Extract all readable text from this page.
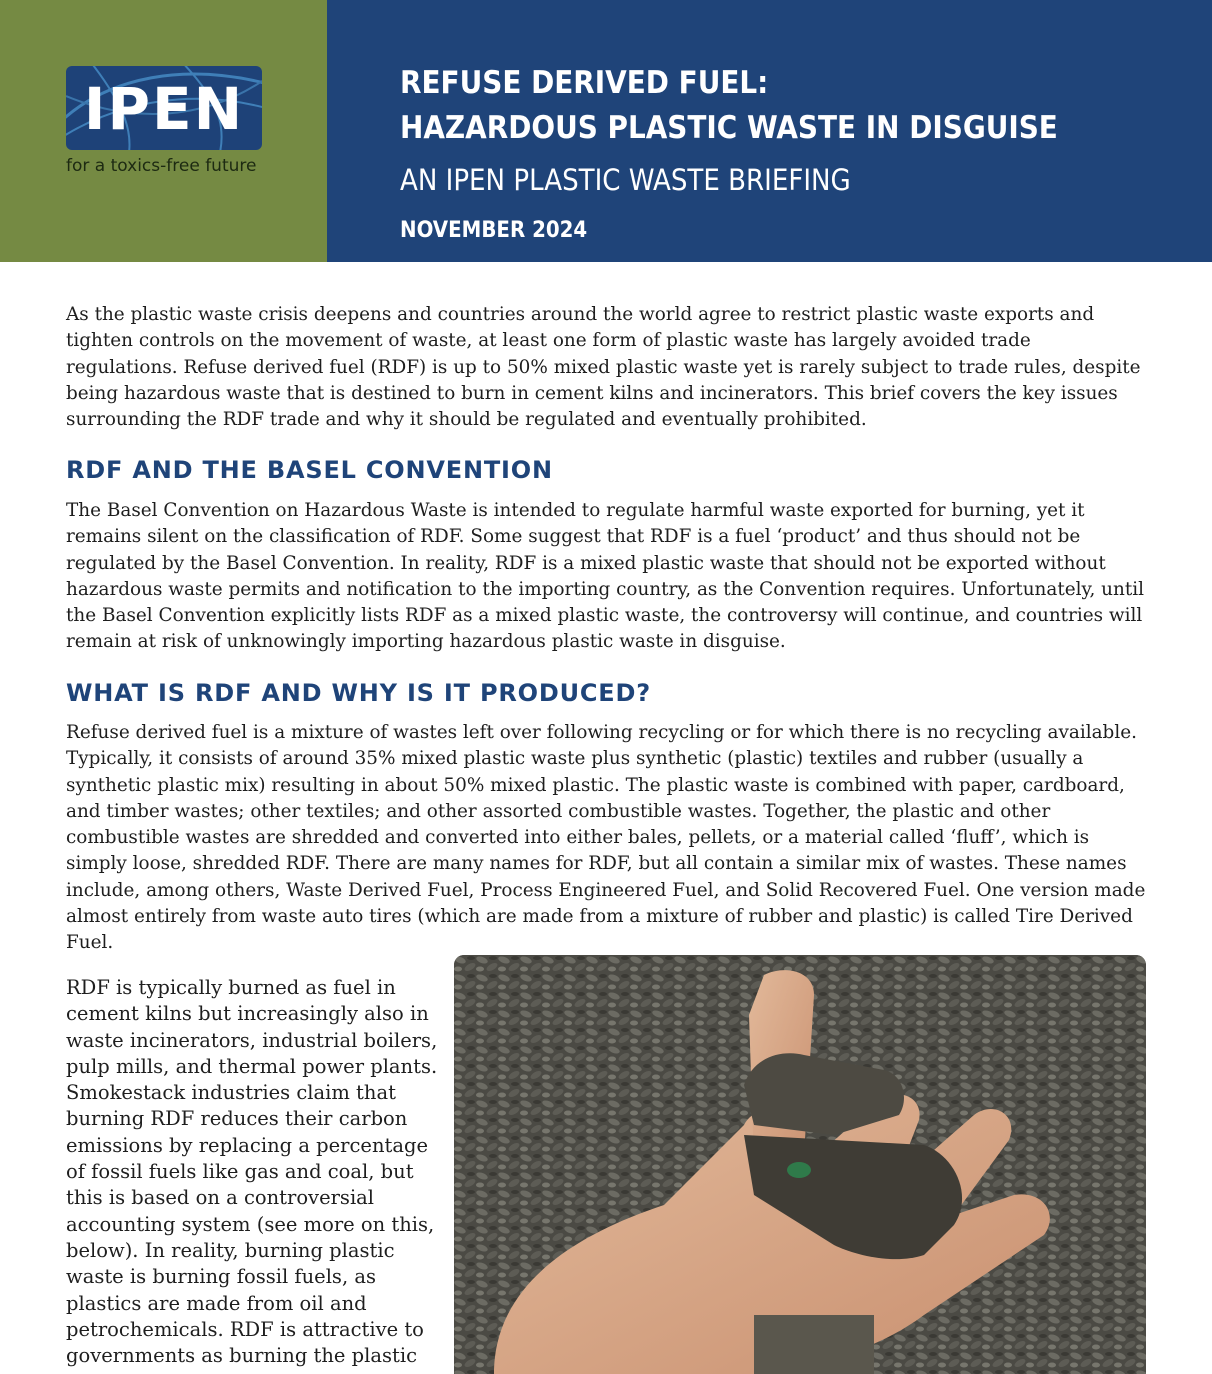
IPEN
for a toxics-free future
REFUSE DERIVED FUEL:
HAZARDOUS PLASTIC WASTE IN DISGUISE
AN IPEN PLASTIC WASTE BRIEFING
NOVEMBER 2024

As the plastic waste crisis deepens and countries around the world agree to restrict plastic waste exports and tighten controls on the movement of waste, at least one form of plastic waste has largely avoided trade regulations. Refuse derived fuel (RDF) is up to 50% mixed plastic waste yet is rarely subject to trade rules, despite being hazardous waste that is destined to burn in cement kilns and incinerators. This brief covers the key issues surrounding the RDF trade and why it should be regulated and eventually prohibited.

RDF AND THE BASEL CONVENTION

The Basel Convention on Hazardous Waste is intended to regulate harmful waste exported for burning, yet it remains silent on the classification of RDF. Some suggest that RDF is a fuel ‘product’ and thus should not be regulated by the Basel Convention. In reality, RDF is a mixed plastic waste that should not be exported without hazardous waste permits and notification to the importing country, as the Convention requires. Unfortunately, until the Basel Convention explicitly lists RDF as a mixed plastic waste, the controversy will continue, and countries will remain at risk of unknowingly importing hazardous plastic waste in disguise.

WHAT IS RDF AND WHY IS IT PRODUCED?

Refuse derived fuel is a mixture of wastes left over following recycling or for which there is no recycling available. Typically, it consists of around 35% mixed plastic waste plus synthetic (plastic) textiles and rubber (usually a synthetic plastic mix) resulting in about 50% mixed plastic. The plastic waste is combined with paper, cardboard, and timber wastes; other textiles; and other assorted combustible wastes. Together, the plastic and other combustible wastes are shredded and converted into either bales, pellets, or a material called ‘fluff’, which is simply loose, shredded RDF. There are many names for RDF, but all contain a similar mix of wastes. These names include, among others, Waste Derived Fuel, Process Engineered Fuel, and Solid Recovered Fuel. One version made almost entirely from waste auto tires (which are made from a mixture of rubber and plastic) is called Tire Derived Fuel.

RDF is typically burned as fuel in cement kilns but increasingly also in waste incinerators, industrial boilers, pulp mills, and thermal power plants. Smokestack industries claim that burning RDF reduces their carbon emissions by replacing a percentage of fossil fuels like gas and coal, but this is based on a controversial accounting system (see more on this, below). In reality, burning plastic waste is burning fossil fuels, as plastics are made from oil and petrochemicals. RDF is attractive to governments as burning the plastic
